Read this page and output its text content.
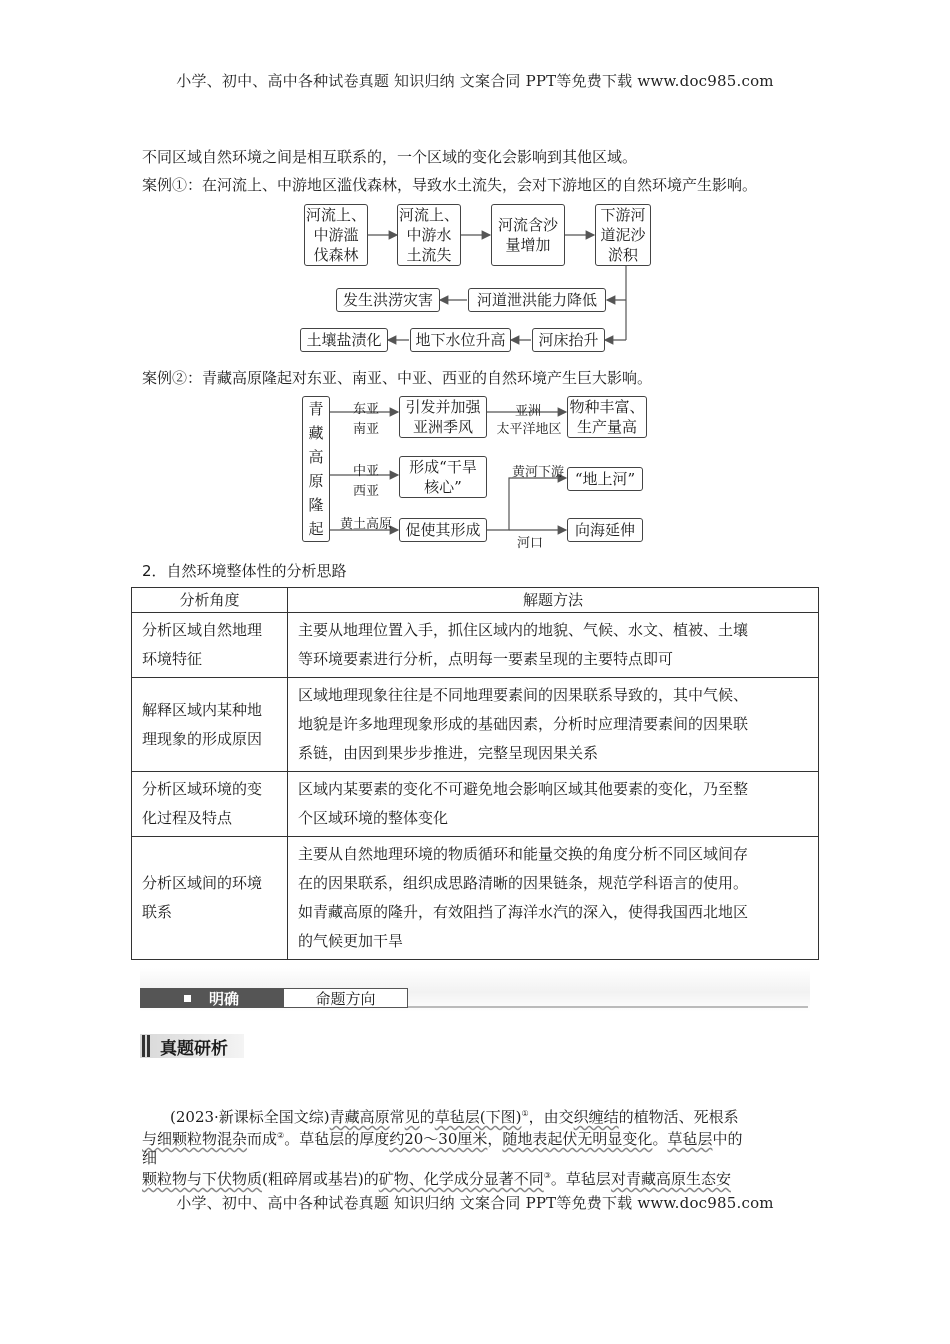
小学、初中、高中各种试卷真题 知识归纳 文案合同 PPT等免费下载 www.doc985.com
不同区域自然环境之间是相互联系的，一个区域的变化会影响到其他区域。
案例①：在河流上、中游地区滥伐森林，导致水土流失，会对下游地区的自然环境产生影响。
河流上、
中游滥
伐森林
河流上、
中游水
土流失
河流含沙
量增加
下游河
道泥沙
淤积
河道泄洪能力降低
发生洪涝灾害
河床抬升
地下水位升高
土壤盐渍化
案例②：青藏高原隆起对东亚、南亚、中亚、西亚的自然环境产生巨大影响。
青
藏
高
原
隆
起
东亚
南亚
中亚
西亚
黄土高原
亚洲
太平洋地区
黄河下游
河口
引发并加强
亚洲季风
物种丰富、
生产量高
形成“干旱
核心”
促使其形成
“地上河”
向海延伸
2．自然环境整体性的分析思路
分析角度	解题方法
分析区域自然地理
环境特征	主要从地理位置入手，抓住区域内的地貌、气候、水文、植被、土壤
等环境要素进行分析，点明每一要素呈现的主要特点即可
解释区域内某种地
理现象的形成原因	区域地理现象往往是不同地理要素间的因果联系导致的，其中气候、
地貌是许多地理现象形成的基础因素，分析时应理清要素间的因果联
系链，由因到果步步推进，完整呈现因果关系
分析区域环境的变
化过程及特点	区域内某要素的变化不可避免地会影响区域其他要素的变化，乃至整
个区域环境的整体变化
分析区域间的环境
联系	主要从自然地理环境的物质循环和能量交换的角度分析不同区域间存
在的因果联系，组织成思路清晰的因果链条，规范学科语言的使用。
如青藏高原的隆升，有效阻挡了海洋水汽的深入，使得我国西北地区
的气候更加干旱
明确	命题方向
真题研析
(2023·新课标全国文综)青藏高原常见的草毡层(下图)①，由交织缠结的植物活、死根系
与细颗粒物混杂而成②。草毡层的厚度约20～30厘米，随地表起伏无明显变化。草毡层中的
细
颗粒物与下伏物质(粗碎屑或基岩)的矿物、化学成分显著不同③。草毡层对青藏高原生态安
小学、初中、高中各种试卷真题 知识归纳 文案合同 PPT等免费下载 www.doc985.com
